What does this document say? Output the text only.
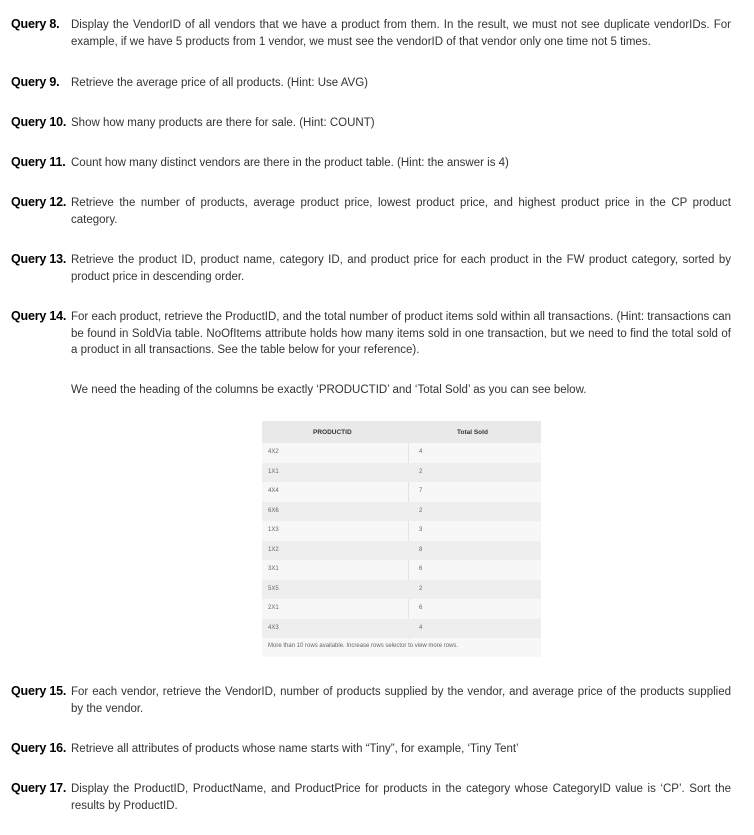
Query 8. Display the VendorID of all vendors that we have a product from them. In the result, we must not see duplicate vendorIDs. For example, if we have 5 products from 1 vendor, we must see the vendorID of that vendor only one time not 5 times.
Query 9. Retrieve the average price of all products. (Hint: Use AVG)
Query 10. Show how many products are there for sale. (Hint: COUNT)
Query 11. Count how many distinct vendors are there in the product table. (Hint: the answer is 4)
Query 12. Retrieve the number of products, average product price, lowest product price, and highest product price in the CP product category.
Query 13. Retrieve the product ID, product name, category ID, and product price for each product in the FW product category, sorted by product price in descending order.
Query 14. For each product, retrieve the ProductID, and the total number of product items sold within all transactions. (Hint: transactions can be found in SoldVia table. NoOfItems attribute holds how many items sold in one transaction, but we need to find the total sold of a product in all transactions. See the table below for your reference).
We need the heading of the columns be exactly ‘PRODUCTID’ and ‘Total Sold’ as you can see below.
PRODUCTID	Total Sold
4X2	4
1X1	2
4X4	7
6X6	2
1X3	3
1X2	8
3X1	6
5X5	2
2X1	6
4X3	4
More than 10 rows available. Increase rows selector to view more rows.
Query 15. For each vendor, retrieve the VendorID, number of products supplied by the vendor, and average price of the products supplied by the vendor.
Query 16. Retrieve all attributes of products whose name starts with “Tiny”, for example, ‘Tiny Tent’
Query 17. Display the ProductID, ProductName, and ProductPrice for products in the category whose CategoryID value is ‘CP’. Sort the results by ProductID.
